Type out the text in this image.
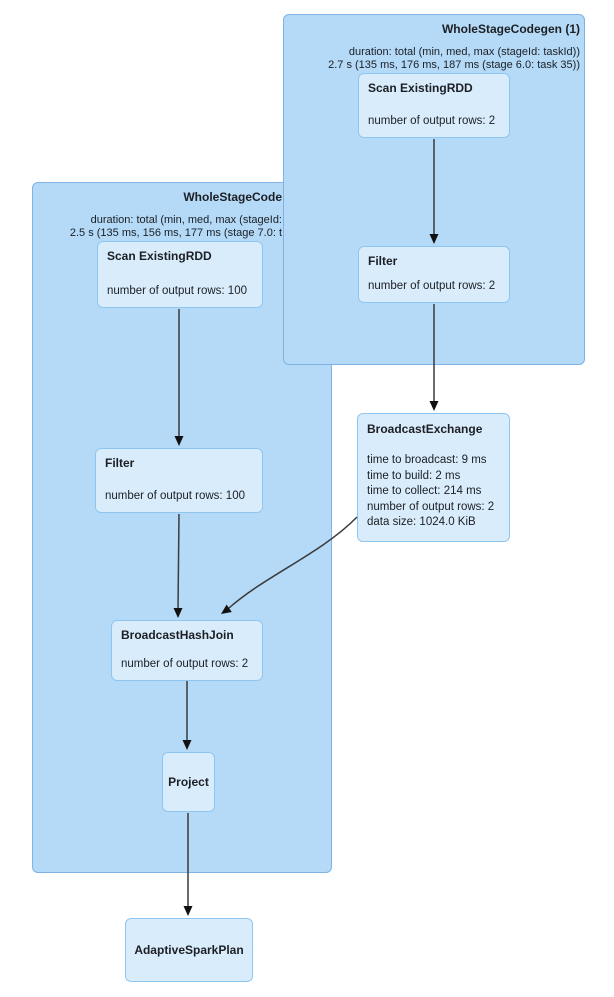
WholeStageCode
duration: total (min, med, max (stageId:
2.5 s (135 ms, 156 ms, 177 ms (stage 7.0: t
WholeStageCodegen (1)
duration: total (min, med, max (stageId: taskId))
2.7 s (135 ms, 176 ms, 187 ms (stage 6.0: task 35))
Scan ExistingRDD
number of output rows: 2
Filter
number of output rows: 2
Scan ExistingRDD
number of output rows: 100
Filter
number of output rows: 100
BroadcastHashJoin
number of output rows: 2
Project
BroadcastExchange
time to broadcast: 9 ms
time to build: 2 ms
time to collect: 214 ms
number of output rows: 2
data size: 1024.0 KiB
AdaptiveSparkPlan
